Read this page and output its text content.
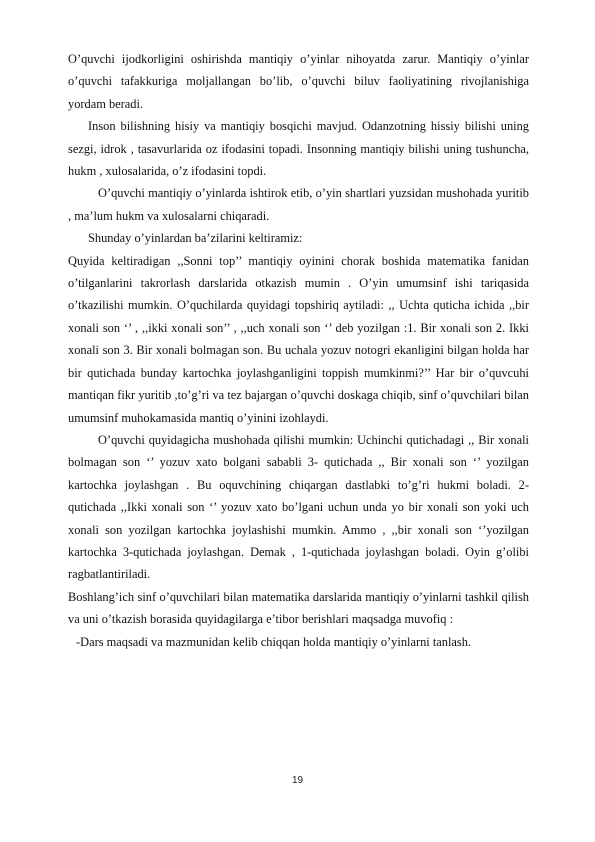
O’quvchi ijodkorligini oshirishda mantiqiy o’yinlar nihoyatda zarur. Mantiqiy o’yinlar o’quvchi tafakkuriga moljallangan bo’lib, o’quvchi biluv faoliyatining rivojlanishiga yordam beradi.

Inson bilishning hisiy va mantiqiy bosqichi mavjud. Odanzotning hissiy bilishi uning sezgi, idrok , tasavurlarida oz ifodasini topadi. Insonning mantiqiy bilishi uning tushuncha, hukm , xulosalarida, o’z ifodasini topdi.

O’quvchi mantiqiy o’yinlarda ishtirok etib, o’yin shartlari yuzsidan mushohada yuritib , ma’lum hukm va xulosalarni chiqaradi.

Shunday o’yinlardan ba’zilarini keltiramiz:

Quyida keltiradigan ,,Sonni top’’ mantiqiy oyinini chorak boshida matematika fanidan o’tilganlarini takrorlash darslarida otkazish mumin . O’yin umumsinf ishi tariqasida o’tkazilishi mumkin. O’quchilarda quyidagi topshiriq aytiladi: ,, Uchta quticha ichida ,,bir xonali son ‘’ , ,,ikki xonali son’’ , ,,uch xonali son ‘’ deb yozilgan :1. Bir xonali son 2. Ikki xonali son 3. Bir xonali bolmagan son. Bu uchala yozuv notogri ekanligini bilgan holda har bir qutichada bunday kartochka joylashganligini toppish mumkinmi?’’ Har bir o’quvcuhi mantiqan fikr yuritib ,to’g’ri va tez bajargan o’quvchi doskaga chiqib, sinf o’quvchilari bilan umumsinf muhokamasida mantiq o’yinini izohlaydi.

O’quvchi quyidagicha mushohada qilishi mumkin: Uchinchi qutichadagi ,, Bir xonali bolmagan son ‘’ yozuv xato bolgani sababli 3- qutichada ,, Bir xonali son ‘’ yozilgan kartochka joylashgan . Bu oquvchining chiqargan dastlabki to’g’ri hukmi boladi. 2-qutichada ,,Ikki xonali son ‘’ yozuv xato bo’lgani uchun unda yo bir xonali son yoki uch xonali son yozilgan kartochka joylashishi mumkin. Ammo , ,,bir xonali son ‘’yozilgan kartochka 3-qutichada joylashgan. Demak , 1-qutichada joylashgan boladi. Oyin g’olibi ragbatlantiriladi.

Boshlang’ich sinf o’quvchilari bilan matematika darslarida mantiqiy o’yinlarni tashkil qilish va uni o’tkazish borasida quyidagilarga e’tibor berishlari maqsadga muvofiq :

-Dars maqsadi va mazmunidan kelib chiqqan holda mantiqiy o’yinlarni tanlash.

19
